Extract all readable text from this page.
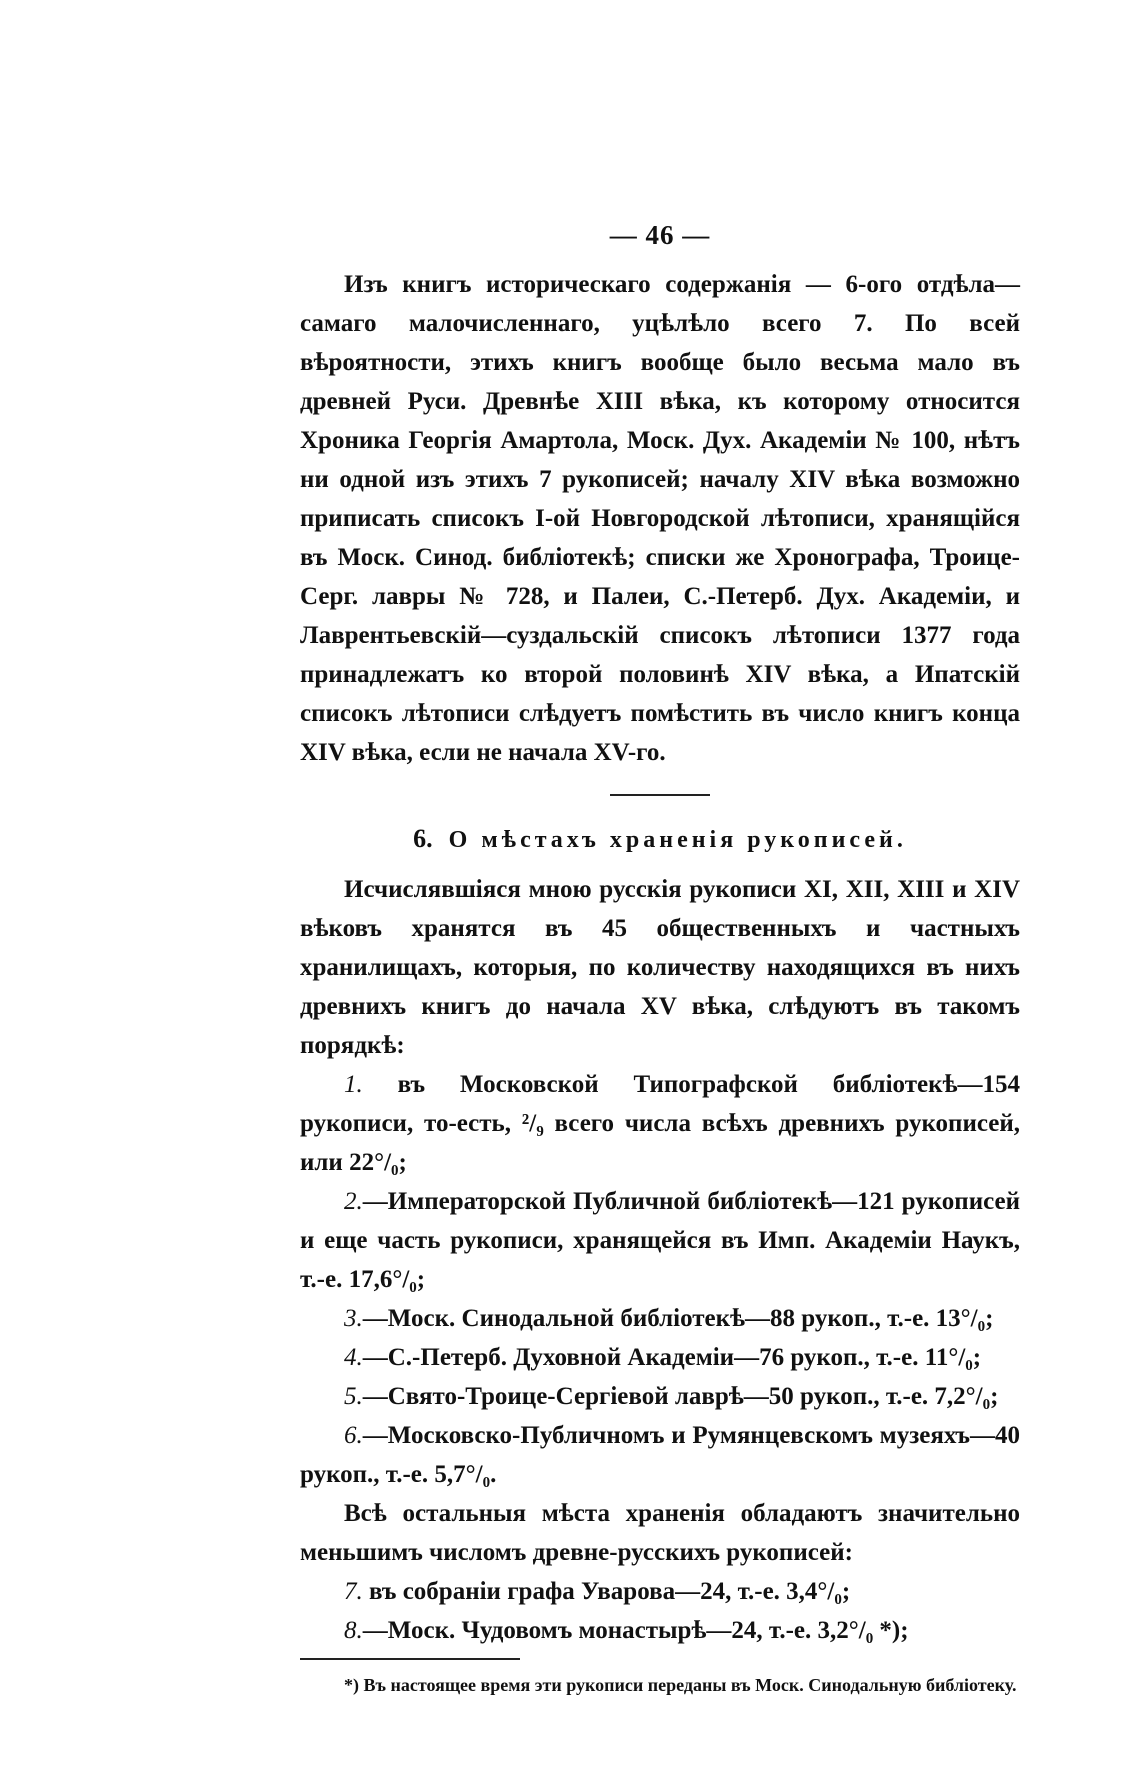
— 46 —

Изъ книгъ историческаго содержанія — 6-ого отдѣла—самаго малочисленнаго, уцѣлѣло всего 7. По всей вѣроятности, этихъ книгъ вообще было весьма мало въ древней Руси. Древнѣе XIII вѣка, къ которому относится Хроника Георгія Амартола, Моск. Дух. Академіи № 100, нѣтъ ни одной изъ этихъ 7 рукописей; началу XIV вѣка возможно приписать списокъ I-ой Новгородской лѣтописи, хранящійся въ Моск. Синод. библіотекѣ; списки же Хронографа, Троице-Серг. лавры № 728, и Палеи, С.-Петерб. Дух. Академіи, и Лаврентьевскій—суздальскій списокъ лѣтописи 1377 года принадлежатъ ко второй половинѣ XIV вѣка, а Ипатскій списокъ лѣтописи слѣдуетъ помѣстить въ число книгъ конца XIV вѣка, если не начала XV-го.

6. О мѣстахъ храненія рукописей.

Исчислявшіяся мною русскія рукописи XI, XII, XIII и XIV вѣковъ хранятся въ 45 общественныхъ и частныхъ хранилищахъ, которыя, по количеству находящихся въ нихъ древнихъ книгъ до начала XV вѣка, слѣдуютъ въ такомъ порядкѣ:

1. въ Московской Типографской библіотекѣ—154 рукописи, то-есть, ²/₉ всего числа всѣхъ древнихъ рукописей, или 22°/₀;

2.—Императорской Публичной библіотекѣ—121 рукописей и еще часть рукописи, хранящейся въ Имп. Академіи Наукъ, т.-е. 17,6°/₀;

3.—Моск. Синодальной библіотекѣ—88 рукоп., т.-е. 13°/₀;

4.—С.-Петерб. Духовной Академіи—76 рукоп., т.-е. 11°/₀;

5.—Свято-Троице-Сергіевой лаврѣ—50 рукоп., т.-е. 7,2°/₀;

6.—Московско-Публичномъ и Румянцевскомъ музеяхъ—40 рукоп., т.-е. 5,7°/₀.

Всѣ остальныя мѣста храненія обладаютъ значительно меньшимъ числомъ древне-русскихъ рукописей:

7. въ собраніи графа Уварова—24, т.-е. 3,4°/₀;

8.—Моск. Чудовомъ монастырѣ—24, т.-е. 3,2°/₀ *);

*) Въ настоящее время эти рукописи переданы въ Моск. Синодальную библіотеку.
